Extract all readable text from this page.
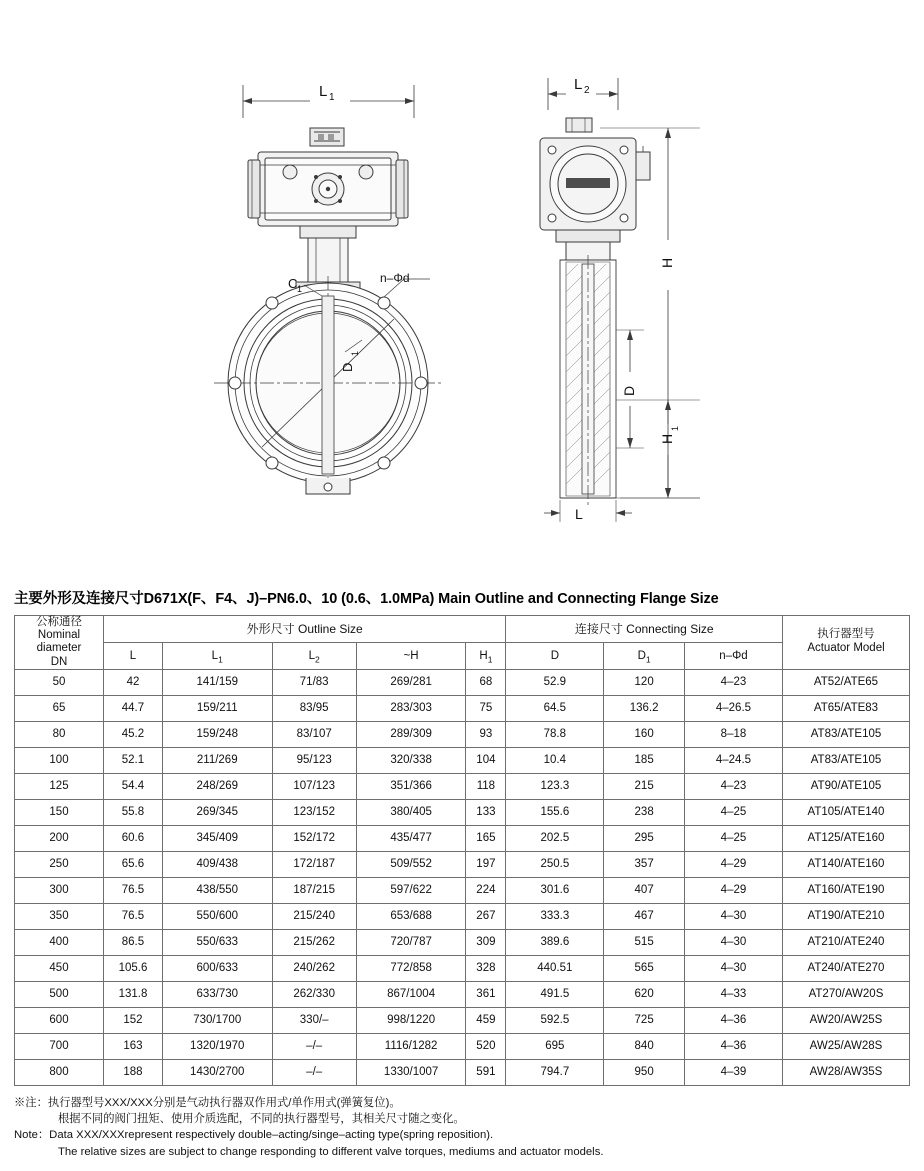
L 1
L 2
n–Φd
C 1
D
1
H
D
H
1
L
主要外形及连接尺寸D671X(F、F4、J)–PN6.0、10 (0.6、1.0MPa) Main Outline and Connecting Flange Size
公称通径
Nominal
diameter
DN
	外形尺寸 Outline Size	连接尺寸 Connecting Size	执行器型号
Actuator Model

	L	$L_1$	$L_2$	~H	$H_1$	D	$D_1$	n–Φd	
50	42	141/159	71/83	269/281	68	52.9	120	4–23	AT52/ATE65
65	44.7	159/211	83/95	283/303	75	64.5	136.2	4–26.5	AT65/ATE83
80	45.2	159/248	83/107	289/309	93	78.8	160	8–18	AT83/ATE105
100	52.1	211/269	95/123	320/338	104	10.4	185	4–24.5	AT83/ATE105
125	54.4	248/269	107/123	351/366	118	123.3	215	4–23	AT90/ATE105
150	55.8	269/345	123/152	380/405	133	155.6	238	4–25	AT105/ATE140
200	60.6	345/409	152/172	435/477	165	202.5	295	4–25	AT125/ATE160
250	65.6	409/438	172/187	509/552	197	250.5	357	4–29	AT140/ATE160
300	76.5	438/550	187/215	597/622	224	301.6	407	4–29	AT160/ATE190
350	76.5	550/600	215/240	653/688	267	333.3	467	4–30	AT190/ATE210
400	86.5	550/633	215/262	720/787	309	389.6	515	4–30	AT210/ATE240
450	105.6	600/633	240/262	772/858	328	440.51	565	4–30	AT240/ATE270
500	131.8	633/730	262/330	867/1004	361	491.5	620	4–33	AT270/AW20S
600	152	730/1700	330/–	998/1220	459	592.5	725	4–36	AW20/AW25S
700	163	1320/1970	–/–	1116/1282	520	695	840	4–36	AW25/AW28S
800	188	1430/2700	–/–	1330/1007	591	794.7	950	4–39	AW28/AW35S
※注： 执行器型号XXX/XXX分别是气动执行器双作用式/单作用式(弹簧复位)。
根据不同的阀门扭矩、使用介质选配，不同的执行器型号，其相关尺寸随之变化。
Note： Data XXX/XXXrepresent respectively double–acting/singe–acting type(spring reposition).
The relative sizes are subject to change responding to different valve torques, mediums and actuator models.
